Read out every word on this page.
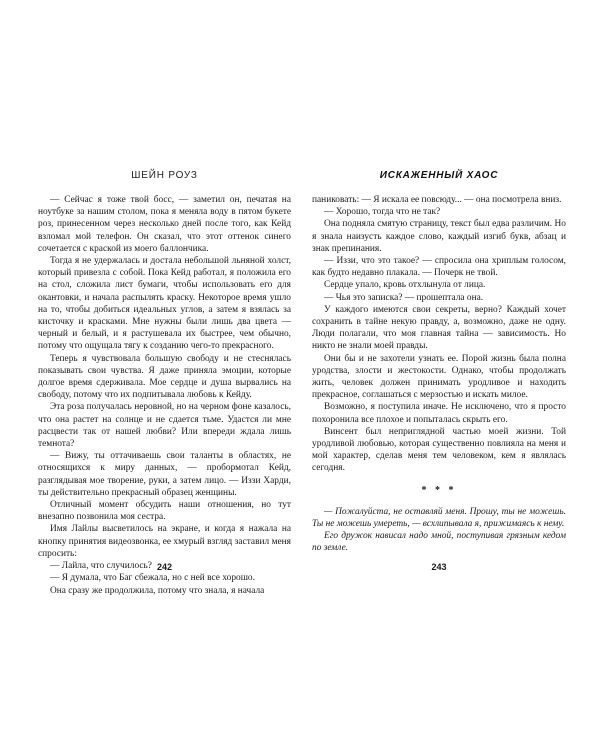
ШЕЙН РОУЗ

— Сейчас я тоже твой босс, — заметил он, печатая на ноутбуке за нашим столом, пока я меняла воду в пятом букете роз, принесенном через несколько дней после того, как Кейд взломал мой телефон. Он сказал, что этот оттенок синего сочетается с краской из моего баллончика.

Тогда я не удержалась и достала небольшой льняной холст, который привезла с собой. Пока Кейд работал, я положила его на стол, сложила лист бумаги, чтобы использовать его для окантовки, и начала распылять краску. Некоторое время ушло на то, чтобы добиться идеальных углов, а затем я взялась за кисточку и красками. Мне нужны были лишь два цвета — черный и белый, и я растушевала их быстрее, чем обычно, потому что ощущала тягу к созданию чего-то прекрасного.

Теперь я чувствовала большую свободу и не стеснялась показывать свои чувства. Я даже приняла эмоции, которые долгое время сдерживала. Мое сердце и душа вырвались на свободу, потому что их подпитывала любовь к Кейду.

Эта роза получалась неровной, но на черном фоне казалось, что она растет на солнце и не сдается тьме. Удастся ли мне расцвести так от нашей любви? Или впереди ждала лишь темнота?

— Вижу, ты оттачиваешь свои таланты в областях, не относящихся к миру данных, — пробормотал Кейд, разглядывая мое творение, руки, а затем лицо. — Иззи Харди, ты действительно прекрасный образец женщины.

Отличный момент обсудить наши отношения, но тут внезапно позвонила моя сестра.

Имя Лайлы высветилось на экране, и когда я нажала на кнопку принятия видеозвонка, ее хмурый взгляд заставил меня спросить:

— Лайла, что случилось?

— Я думала, что Баг сбежала, но с ней все хорошо.

Она сразу же продолжила, потому что знала, я начала

242
ИСКАЖЕННЫЙ ХАОС

паниковать: — Я искала ее повсюду... — она посмотрела вниз.

— Хорошо, тогда что не так?

Она подняла смятую страницу, текст был едва различим. Но я знала наизусть каждое слово, каждый изгиб букв, абзац и знак препинания.

— Иззи, что это такое? — спросила она хриплым голосом, как будто недавно плакала. — Почерк не твой.

Сердце упало, кровь отхлынула от лица.

— Чья это записка? — прошептала она.

У каждого имеются свои секреты, верно? Каждый хочет сохранить в тайне некую правду, а, возможно, даже не одну. Люди полагали, что моя главная тайна — зависимость. Но никто не знали моей правды.

Они бы и не захотели узнать ее. Порой жизнь была полна уродства, злости и жестокости. Однако, чтобы продолжать жить, человек должен принимать уродливое и находить прекрасное, соглашаться с мерзостью и искать милое.

Возможно, я поступила иначе. Не исключено, что я просто похоронила все плохое и попыталась скрыть его.

Винсент был неприглядной частью моей жизни. Той уродливой любовью, которая существенно повлияла на меня и мой характер, сделав меня тем человеком, кем я являлась сегодня.

* * *

— Пожалуйста, не оставляй меня. Прошу, ты не можешь. Ты не можешь умереть, — всхлипывала я, прижимаясь к нему.

Его дружок нависал надо мной, поступивая грязным кедом по земле.

243
